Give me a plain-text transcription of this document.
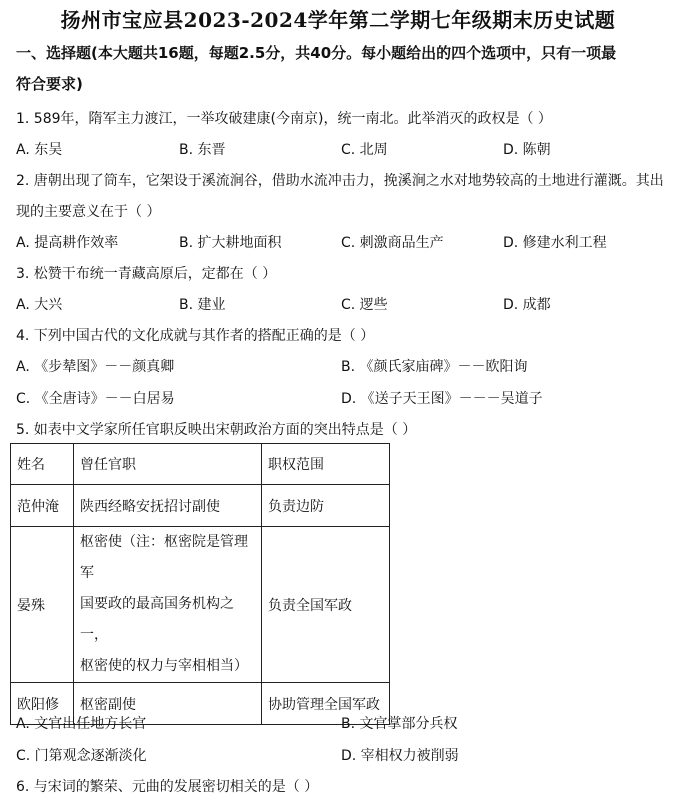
扬州市宝应县2023-2024学年第二学期七年级期末历史试题
一、选择题(本大题共16题，每题2.5分，共40分。每小题给出的四个选项中，只有一项最
符合要求)
1. 589年，隋军主力渡江，一举攻破建康(今南京)，统一南北。此举消灭的政权是（ ）
A. 东吴	B. 东晋	C. 北周	D. 陈朝
2. 唐朝出现了筒车，它架设于溪流涧谷，借助水流冲击力，挽溪涧之水对地势较高的土地进行灌溉。其出
现的主要意义在于（ ）
A. 提高耕作效率	B. 扩大耕地面积	C. 刺激商品生产	D. 修建水利工程
3. 松赞干布统一青藏高原后，定都在（ ）
A. 大兴	B. 建业	C. 逻些	D. 成都
4. 下列中国古代的文化成就与其作者的搭配正确的是（ ）
A. 《步辇图》－－颜真卿	B. 《颜氏家庙碑》－－欧阳询
C. 《全唐诗》－－白居易	D. 《送子天王图》－－－吴道子
5. 如表中文学家所任官职反映出宋朝政治方面的突出特点是（ ）
姓名	曾任官职	职权范围
范仲淹	陕西经略安抚招讨副使	负责边防
晏殊	枢密使（注：枢密院是管理军
国要政的最高国务机构之一，
枢密使的权力与宰相相当）	负责全国军政
欧阳修	枢密副使	协助管理全国军政
A. 文官出任地方长官	B. 文官掌部分兵权
C. 门第观念逐渐淡化	D. 宰相权力被削弱
6. 与宋词的繁荣、元曲的发展密切相关的是（ ）
